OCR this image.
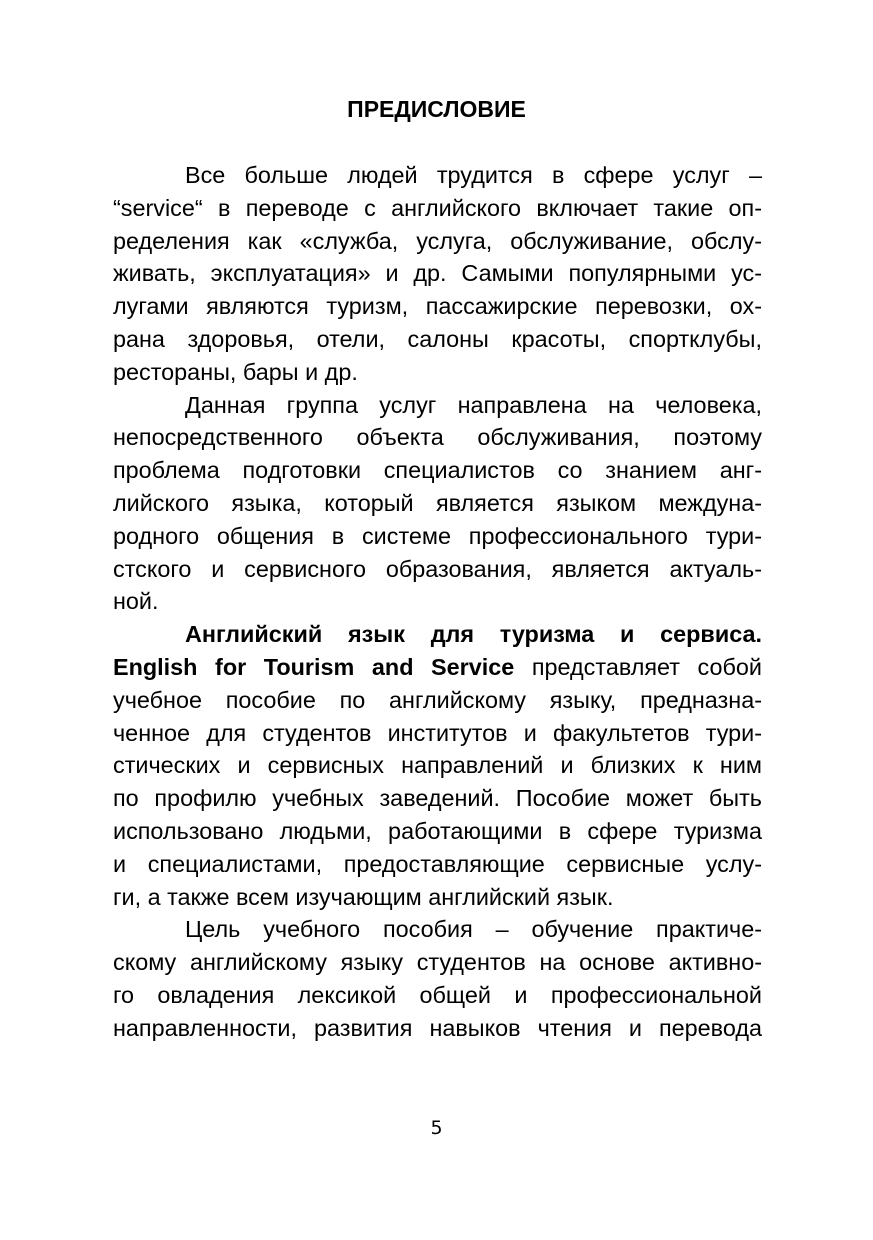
ПРЕДИСЛОВИЕ
Все больше людей трудится в сфере услуг –
“service“ в переводе с английского включает такие оп-
ределения как «служба, услуга, обслуживание, обслу-
живать, эксплуатация» и др. Самыми популярными ус-
лугами являются туризм, пассажирские перевозки, ох-
рана здоровья, отели, салоны красоты, спортклубы,
рестораны, бары и др.
Данная группа услуг направлена на человека,
непосредственного объекта обслуживания, поэтому
проблема подготовки специалистов со знанием анг-
лийского языка, который является языком междуна-
родного общения в системе профессионального тури-
стского и сервисного образования, является актуаль-
ной.
Английский язык для туризма и сервиса.
English for Tourism and Service представляет собой
учебное пособие по английскому языку, предназна-
ченное для студентов институтов и факультетов тури-
стических и сервисных направлений и близких к ним
по профилю учебных заведений. Пособие может быть
использовано людьми, работающими в сфере туризма
и специалистами, предоставляющие сервисные услу-
ги, а также всем изучающим английский язык.
Цель учебного пособия – обучение практиче-
скому английскому языку студентов на основе активно-
го овладения лексикой общей и профессиональной
направленности, развития навыков чтения и перевода
5
